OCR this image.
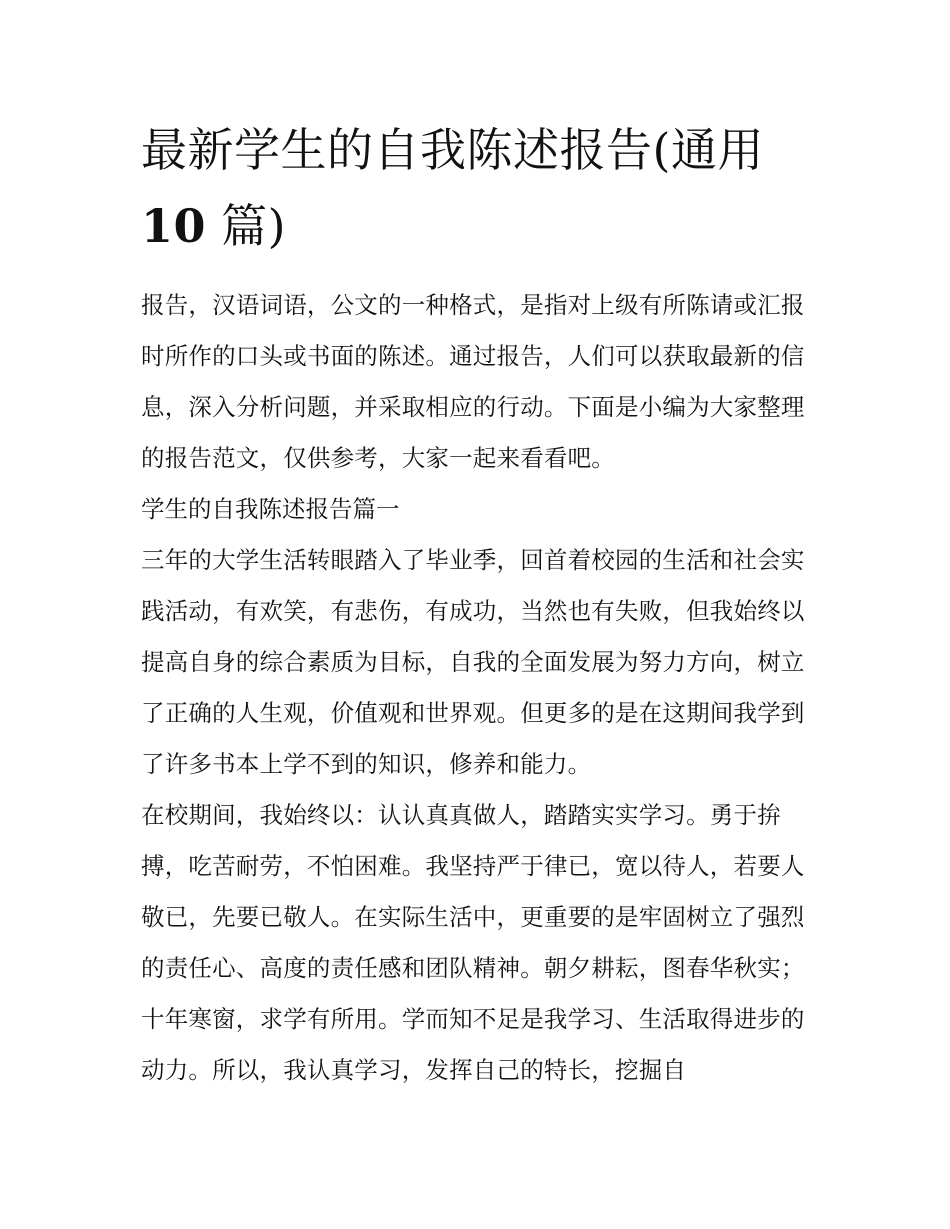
最新学生的自我陈述报告(通用
10 篇)

报告，汉语词语，公文的一种格式，是指对上级有所陈请或汇报时所作的口头或书面的陈述。通过报告，人们可以获取最新的信息，深入分析问题，并采取相应的行动。下面是小编为大家整理的报告范文，仅供参考，大家一起来看看吧。

学生的自我陈述报告篇一

三年的大学生活转眼踏入了毕业季，回首着校园的生活和社会实践活动，有欢笑，有悲伤，有成功，当然也有失败，但我始终以提高自身的综合素质为目标，自我的全面发展为努力方向，树立了正确的人生观，价值观和世界观。但更多的是在这期间我学到了许多书本上学不到的知识，修养和能力。

在校期间，我始终以：认认真真做人，踏踏实实学习。勇于拚搏，吃苦耐劳，不怕困难。我坚持严于律已，宽以待人，若要人敬已，先要已敬人。在实际生活中，更重要的是牢固树立了强烈的责任心、高度的责任感和团队精神。朝夕耕耘，图春华秋实；十年寒窗，求学有所用。学而知不足是我学习、生活取得进步的动力。所以，我认真学习，发挥自己的特长，挖掘自
